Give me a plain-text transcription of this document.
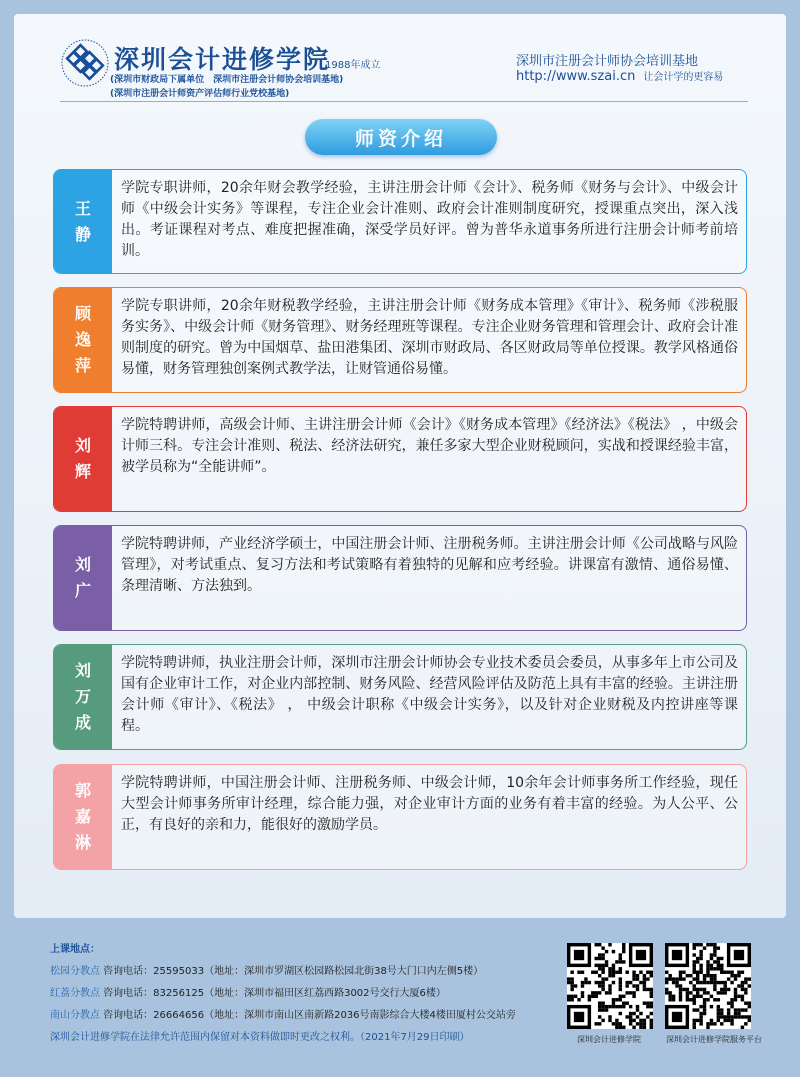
深圳会计进修学院
1988年成立
(深圳市财政局下属单位　深圳市注册会计师协会培训基地)
(深圳市注册会计师资产评估师行业党校基地)
深圳市注册会计师协会培训基地
http://www.szai.cn 让会计学的更容易
师资介绍
王
静
学院专职讲师，20余年财会教学经验，主讲注册会计师《会计》、税务师《财务与会计》、中级会计师《中级会计实务》等课程，专注企业会计准则、政府会计准则制度研究，授课重点突出，深入浅出。考证课程对考点、难度把握准确，深受学员好评。曾为普华永道事务所进行注册会计师考前培训。
顾
逸
萍
学院专职讲师，20余年财税教学经验，主讲注册会计师《财务成本管理》《审计》、税务师《涉税服务实务》、中级会计师《财务管理》、财务经理班等课程。专注企业财务管理和管理会计、政府会计准则制度的研究。曾为中国烟草、盐田港集团、深圳市财政局、各区财政局等单位授课。教学风格通俗易懂，财务管理独创案例式教学法，让财管通俗易懂。
刘
辉
学院特聘讲师，高级会计师、主讲注册会计师《会计》《财务成本管理》《经济法》《税法》 ，中级会计师三科。专注会计准则、税法、经济法研究，兼任多家大型企业财税顾问，实战和授课经验丰富，被学员称为“全能讲师”。
刘
广
学院特聘讲师，产业经济学硕士，中国注册会计师、注册税务师。主讲注册会计师《公司战略与风险管理》，对考试重点、复习方法和考试策略有着独特的见解和应考经验。讲课富有激情、通俗易懂、条理清晰、方法独到。
刘
万
成
学院特聘讲师，执业注册会计师，深圳市注册会计师协会专业技术委员会委员，从事多年上市公司及国有企业审计工作，对企业内部控制、财务风险、经营风险评估及防范上具有丰富的经验。主讲注册会计师《审计》、《税法》 ， 中级会计职称《中级会计实务》，以及针对企业财税及内控讲座等课程。
郭
嘉
淋
学院特聘讲师，中国注册会计师、注册税务师、中级会计师，10余年会计师事务所工作经验，现任大型会计师事务所审计经理，综合能力强，对企业审计方面的业务有着丰富的经验。为人公平、公正，有良好的亲和力，能很好的激励学员。
上课地点：
松园分教点 咨询电话：25595033（地址：深圳市罗湖区松园路松园北街38号大门口内左侧5楼）
红荔分教点 咨询电话：83256125（地址：深圳市福田区红荔西路3002号交行大厦6楼）
南山分教点 咨询电话：26664656（地址：深圳市南山区南新路2036号南影综合大楼4楼田厦村公交站旁
深圳会计进修学院在法律允许范围内保留对本资料做即时更改之权利。（2021年7月29日印刷）	深圳会计进修学院	深圳会计进修学院服务平台
